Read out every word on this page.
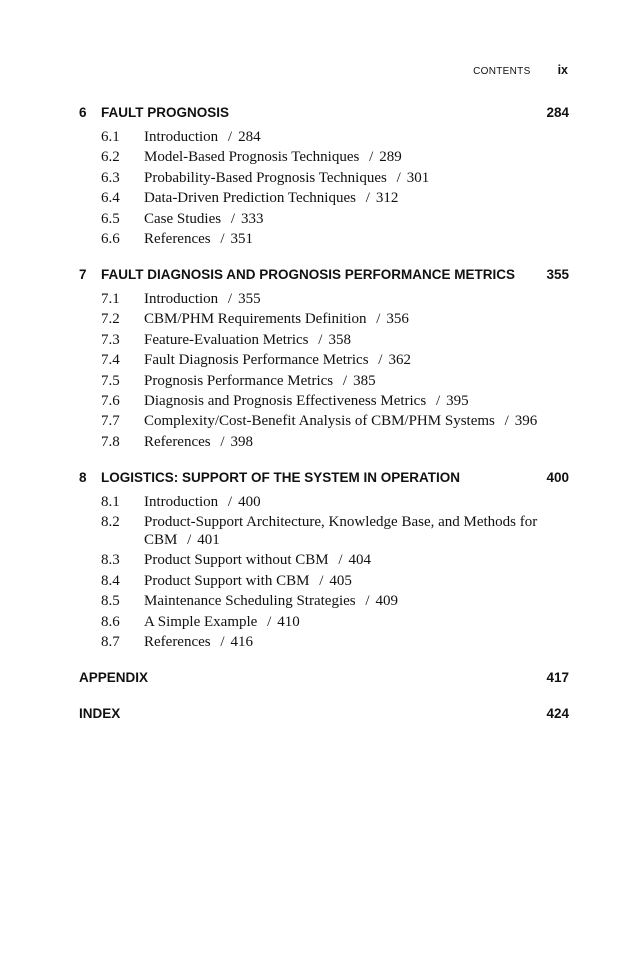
CONTENTS ix
6 FAULT PROGNOSIS	284
6.1 Introduction / 284
6.2 Model-Based Prognosis Techniques / 289
6.3 Probability-Based Prognosis Techniques / 301
6.4 Data-Driven Prediction Techniques / 312
6.5 Case Studies / 333
6.6 References / 351
7 FAULT DIAGNOSIS AND PROGNOSIS PERFORMANCE METRICS	355
7.1 Introduction / 355
7.2 CBM/PHM Requirements Definition / 356
7.3 Feature-Evaluation Metrics / 358
7.4 Fault Diagnosis Performance Metrics / 362
7.5 Prognosis Performance Metrics / 385
7.6 Diagnosis and Prognosis Effectiveness Metrics / 395
7.7 Complexity/Cost-Benefit Analysis of CBM/PHM Systems / 396
7.8 References / 398
8 LOGISTICS: SUPPORT OF THE SYSTEM IN OPERATION	400
8.1 Introduction / 400
8.2 Product-Support Architecture, Knowledge Base, and Methods for CBM / 401
8.3 Product Support without CBM / 404
8.4 Product Support with CBM / 405
8.5 Maintenance Scheduling Strategies / 409
8.6 A Simple Example / 410
8.7 References / 416
APPENDIX	417
INDEX	424
